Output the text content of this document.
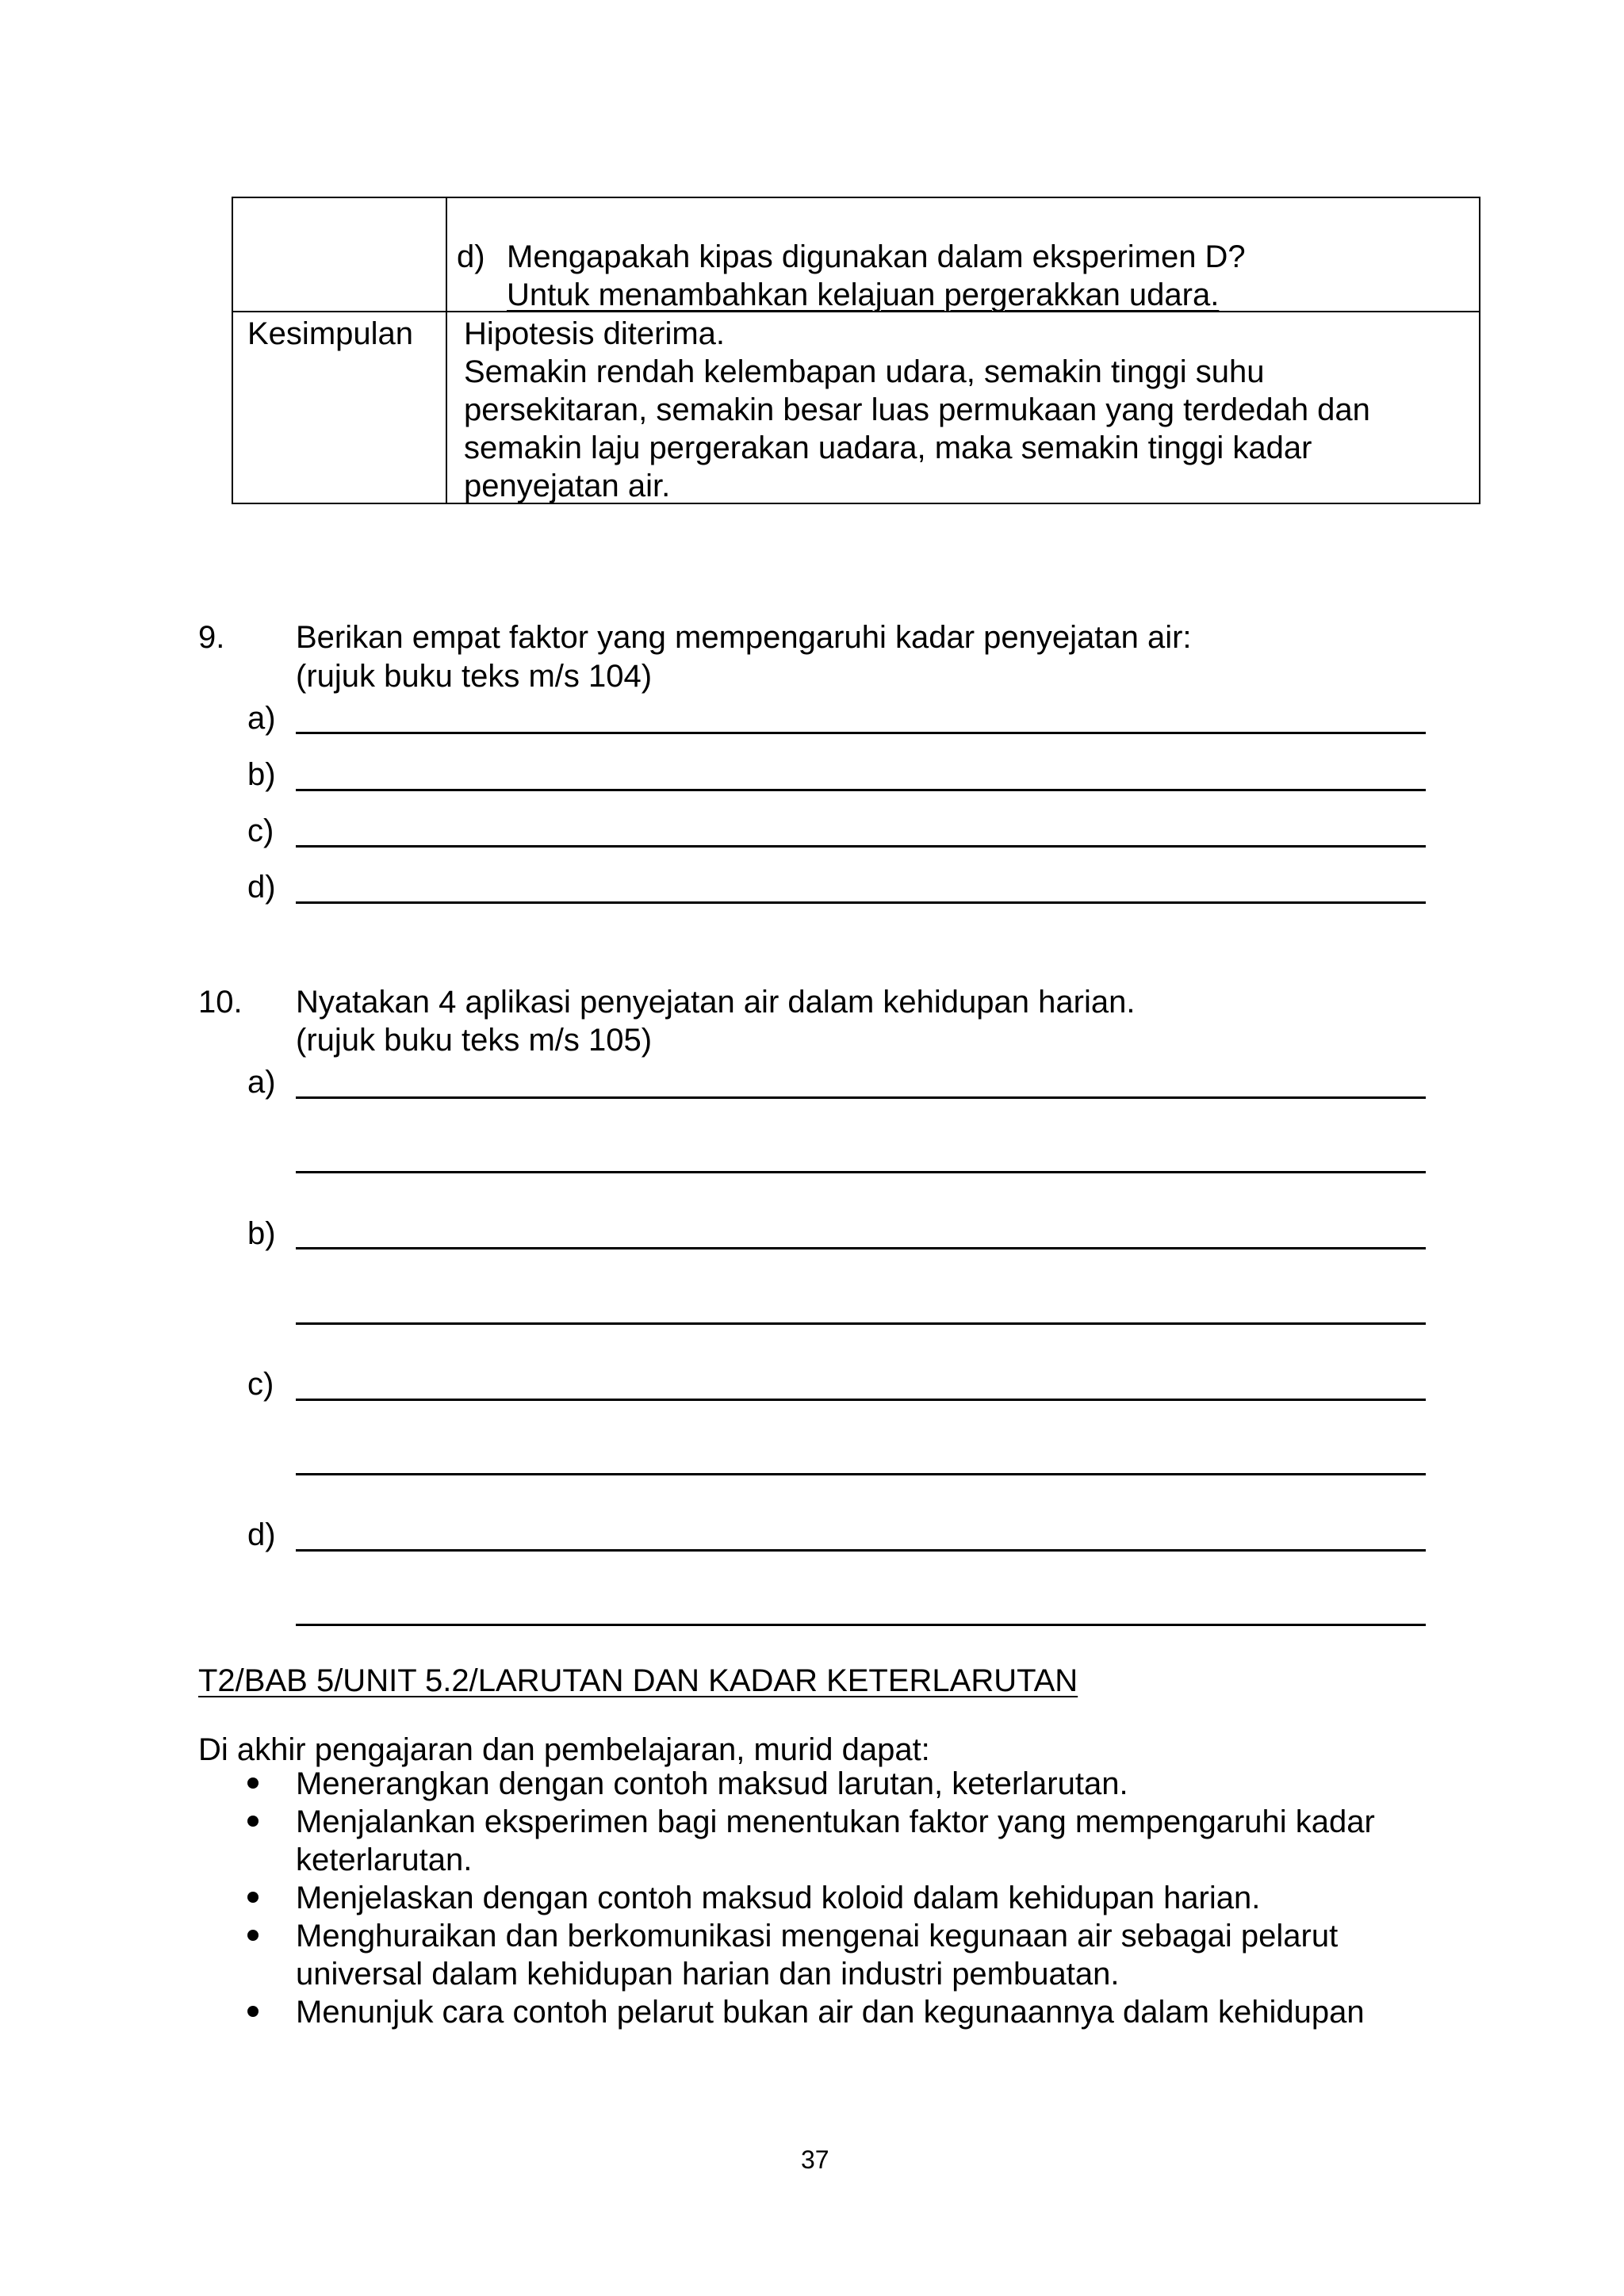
d) Mengapakah kipas digunakan dalam eksperimen D?
Untuk menambahkan kelajuan pergerakkan udara.
Kesimpulan Hipotesis diterima.
Semakin rendah kelembapan udara, semakin tinggi suhu
persekitaran, semakin besar luas permukaan yang terdedah dan
semakin laju pergerakan uadara, maka semakin tinggi kadar
penyejatan air.
9. Berikan empat faktor yang mempengaruhi kadar penyejatan air:
(rujuk buku teks m/s 104)
a)
b)
c)
d)
10. Nyatakan 4 aplikasi penyejatan air dalam kehidupan harian.
(rujuk buku teks m/s 105)
a)
b)
c)
d)
T2/BAB 5/UNIT 5.2/LARUTAN DAN KADAR KETERLARUTAN
Di akhir pengajaran dan pembelajaran, murid dapat:
Menerangkan dengan contoh maksud larutan, keterlarutan.
Menjalankan eksperimen bagi menentukan faktor yang mempengaruhi kadar
keterlarutan.
Menjelaskan dengan contoh maksud koloid dalam kehidupan harian.
Menghuraikan dan berkomunikasi mengenai kegunaan air sebagai pelarut
universal dalam kehidupan harian dan industri pembuatan.
Menunjuk cara contoh pelarut bukan air dan kegunaannya dalam kehidupan
37
